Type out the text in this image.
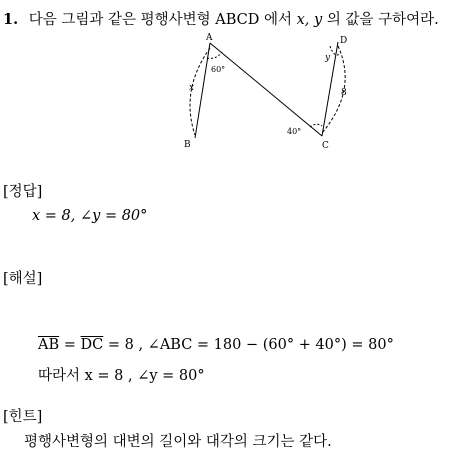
1. 다음 그림과 같은 평행사변형 ABCD 에서 x, y 의 값을 구하여라.
A
B	C
D
60°
40°
x	8
y
[정답]
x = 8, ∠y = 80°
[해설]
$\overline{AB} = \overline{DC} = 8$ , ∠ABC = 180 − (60° + 40°) = 80°
따라서 x = 8 , ∠y = 80°
[힌트]
평행사변형의 대변의 길이와 대각의 크기는 같다.
